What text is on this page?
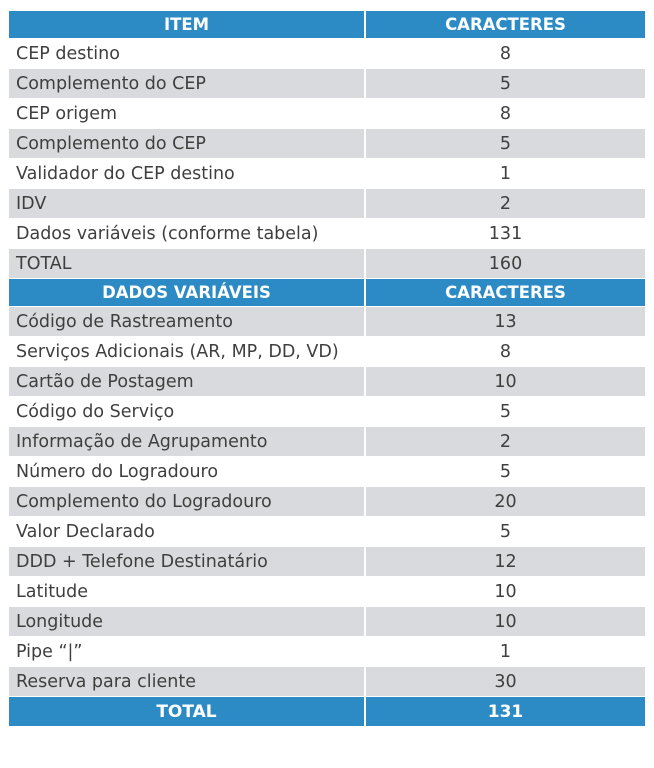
ITEM	CARACTERES
CEP destino	8
Complemento do CEP	5
CEP origem	8
Complemento do CEP	5
Validador do CEP destino	1
IDV	2
Dados variáveis (conforme tabela)	131
TOTAL	160
DADOS VARIÁVEIS	CARACTERES
Código de Rastreamento	13
Serviços Adicionais (AR, MP, DD, VD)	8
Cartão de Postagem	10
Código do Serviço	5
Informação de Agrupamento	2
Número do Logradouro	5
Complemento do Logradouro	20
Valor Declarado	5
DDD + Telefone Destinatário	12
Latitude	10
Longitude	10
Pipe “|”	1
Reserva para cliente	30
TOTAL	131
